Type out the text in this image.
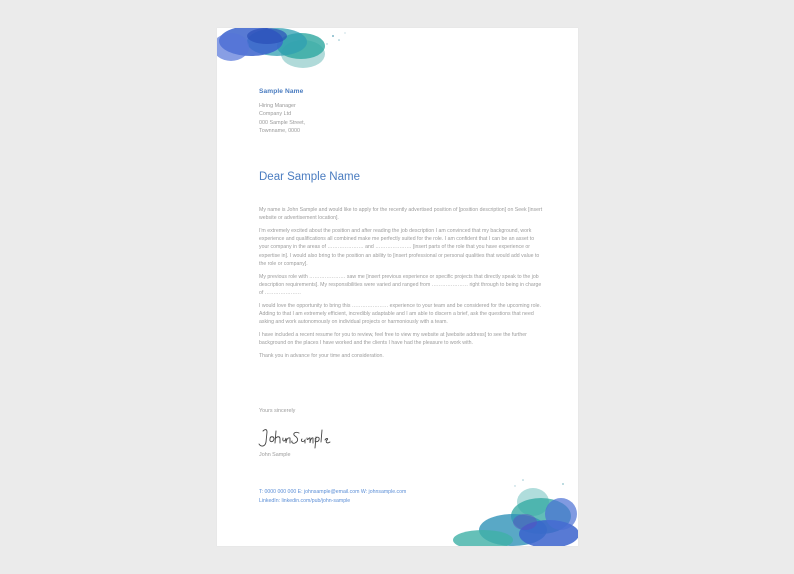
Sample Name
Hiring Manager
Company Ltd
000 Sample Street,
Townname, 0000
Dear Sample Name

My name is John Sample and would like to apply for the recently advertised position of [position description] on Seek [insert website or advertisement location].

I'm extremely excited about the position and after reading the job description I am convinced that my background, work experience and qualifications all combined make me perfectly suited for the role. I am confident that I can be an asset to your company in the areas of ………………… and ………………… [insert parts of the role that you have experience or expertise in]. I would also bring to the position an ability to [insert professional or personal qualities that would add value to the role or company].

My previous role with ………………… saw me [insert previous experience or specific projects that directly speak to the job description requirements]. My responsibilities were varied and ranged from ………………… right through to being in charge of …………………

I would love the opportunity to bring this ………………… experience to your team and be considered for the upcoming role. Adding to that I am extremely efficient, incredibly adaptable and I am able to discern a brief, ask the questions that need asking and work autonomously on individual projects or harmoniously with a team.

I have included a recent resume for you to review, feel free to view my website at [website address] to see the further background on the places I have worked and the clients I have had the pleasure to work with.

Thank you in advance for your time and consideration.

Yours sincerely
John Sample
T: 0000 000 000 E: johnsample@email.com W: johnsample.com
LinkedIn: linkedin.com/pub/john-sample
